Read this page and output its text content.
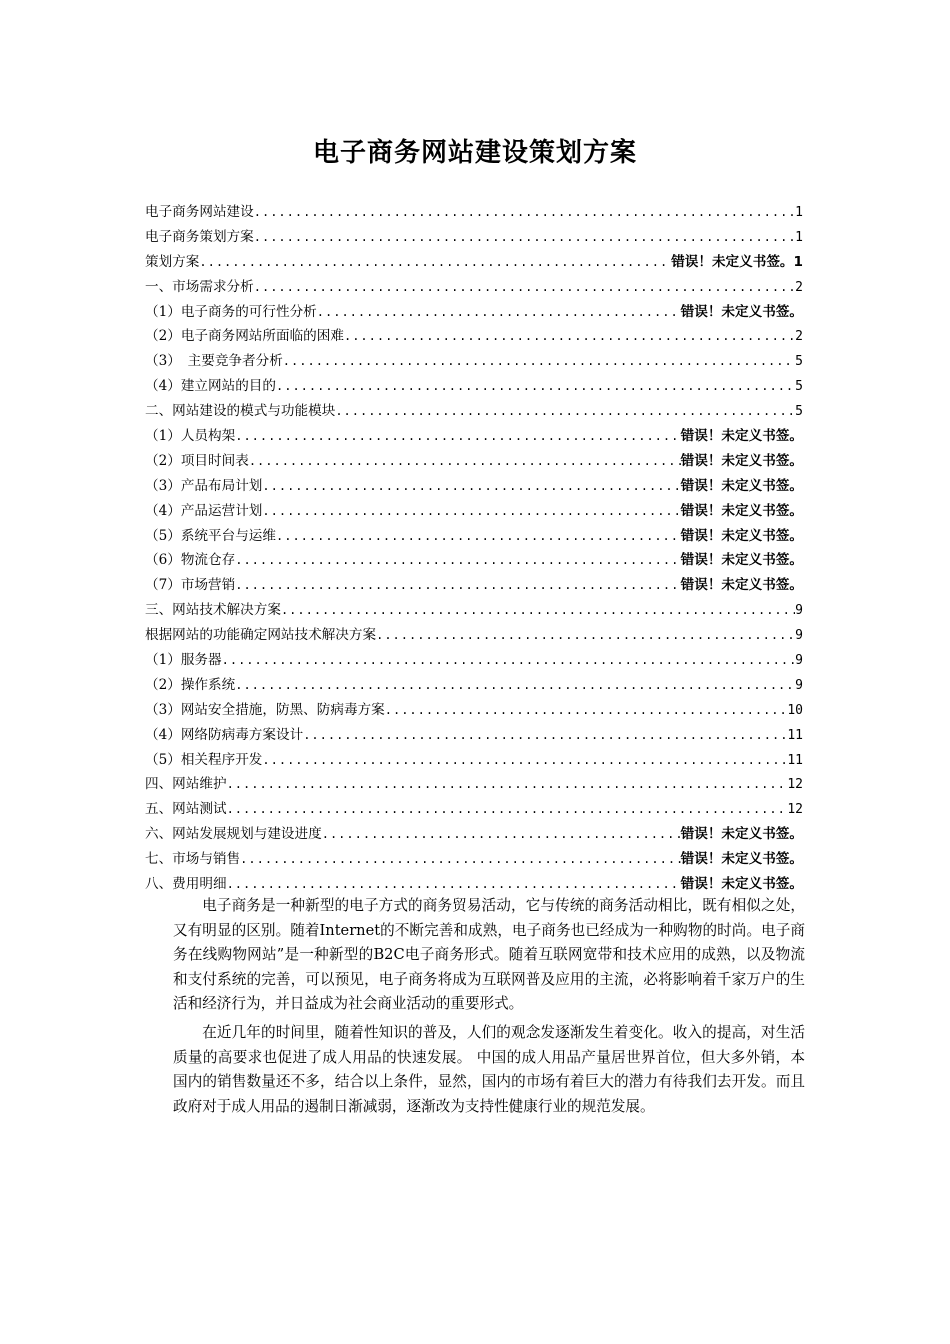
电子商务网站建设策划方案
电子商务网站建设 .....	1
电子商务策划方案 .....	1
策划方案 .....	错误！未定义书签。1
一、市场需求分析 .....	2
（1）电子商务的可行性分析 .....	错误！未定义书签。
（2）电子商务网站所面临的困难 .....	2
（3）　主要竞争者分析 .....	5
（4）建立网站的目的 .....	5
二、网站建设的模式与功能模块 .....	5
（1）人员构架 .....	错误！未定义书签。
（2）项目时间表 .....	错误！未定义书签。
（3）产品布局计划 .....	错误！未定义书签。
（4）产品运营计划 .....	错误！未定义书签。
（5）系统平台与运维 .....	错误！未定义书签。
（6）物流仓存 .....	错误！未定义书签。
（7）市场营销 .....	错误！未定义书签。
三、网站技术解决方案 .....	9
根据网站的功能确定网站技术解决方案 .....	9
（1）服务器 .....	9
（2）操作系统 .....	9
（3）网站安全措施，防黑、防病毒方案 .....	10
（4）网络防病毒方案设计 .....	11
（5）相关程序开发 .....	11
四、网站维护 .....	12
五、网站测试 .....	12
六、网站发展规划与建设进度 .....	错误！未定义书签。
七、市场与销售 .....	错误！未定义书签。
八、费用明细 .....	错误！未定义书签。

电子商务是一种新型的电子方式的商务贸易活动，它与传统的商务活动相比，既有相似之处，又有明显的区别。随着Internet的不断完善和成熟，电子商务也已经成为一种购物的时尚。电子商务在线购物网站”是一种新型的B2C电子商务形式。随着互联网宽带和技术应用的成熟，以及物流和支付系统的完善，可以预见，电子商务将成为互联网普及应用的主流，必将影响着千家万户的生活和经济行为，并日益成为社会商业活动的重要形式。

在近几年的时间里，随着性知识的普及，人们的观念发逐渐发生着变化。收入的提高，对生活质量的高要求也促进了成人用品的快速发展。 中国的成人用品产量居世界首位，但大多外销，本国内的销售数量还不多，结合以上条件，显然，国内的市场有着巨大的潜力有待我们去开发。而且政府对于成人用品的遏制日渐减弱，逐渐改为支持性健康行业的规范发展。
